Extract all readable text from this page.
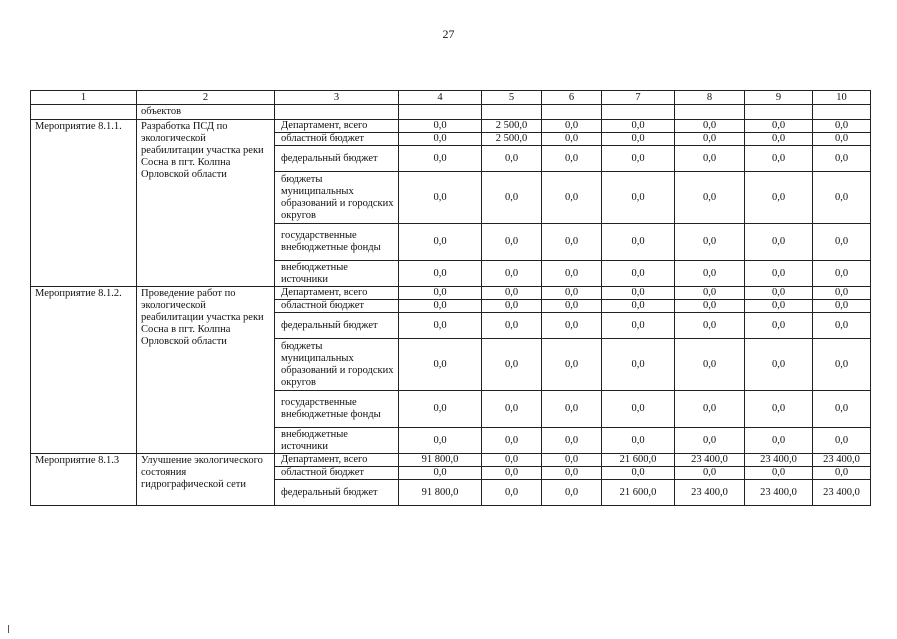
27
1	2	3	4	5	6	7	8	9	10
	объектов								
Мероприятие 8.1.1.	Разработка ПСД по экологической реабилитации участка реки Сосна в пгт. Колпна Орловской области	Департамент, всего	0,0	2 500,0	0,0	0,0	0,0	0,0	0,0
		областной бюджет	0,0	2 500,0	0,0	0,0	0,0	0,0	0,0
		федеральный бюджет	0,0	0,0	0,0	0,0	0,0	0,0	0,0
		бюджеты муниципальных образований и городских округов	0,0	0,0	0,0	0,0	0,0	0,0	0,0
		государственные внебюджетные фонды	0,0	0,0	0,0	0,0	0,0	0,0	0,0
		внебюджетные источники	0,0	0,0	0,0	0,0	0,0	0,0	0,0
Мероприятие 8.1.2.	Проведение работ по экологической реабилитации участка реки Сосна в пгт. Колпна Орловской области	Департамент, всего	0,0	0,0	0,0	0,0	0,0	0,0	0,0
		областной бюджет	0,0	0,0	0,0	0,0	0,0	0,0	0,0
		федеральный бюджет	0,0	0,0	0,0	0,0	0,0	0,0	0,0
		бюджеты муниципальных образований и городских округов	0,0	0,0	0,0	0,0	0,0	0,0	0,0
		государственные внебюджетные фонды	0,0	0,0	0,0	0,0	0,0	0,0	0,0
		внебюджетные источники	0,0	0,0	0,0	0,0	0,0	0,0	0,0
Мероприятие 8.1.3	Улучшение экологического состояния гидрографической сети	Департамент, всего	91 800,0	0,0	0,0	21 600,0	23 400,0	23 400,0	23 400,0
		областной бюджет	0,0	0,0	0,0	0,0	0,0	0,0	0,0
		федеральный бюджет	91 800,0	0,0	0,0	21 600,0	23 400,0	23 400,0	23 400,0
